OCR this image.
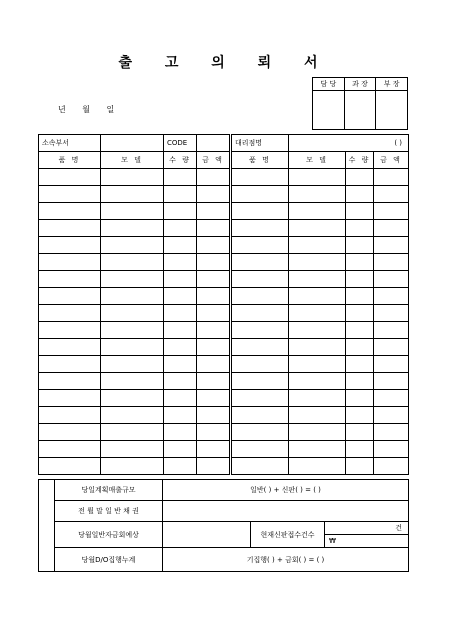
출 고 의 뢰 서
년 월 일
담 당	과 장	부 장

소속부서		CODE		대리점명	( )		
품 명	모 델	수 량	금 액	품 명	모 델	수 량	금 액

	당일계획매출규모	일반( ) + 신판( ) = ( )		
	전 륄 말 일 반 채 권			
	당월일반자금회예상		현재신판접수건수	건
				₩
	당월D/O집행누계	기집행( ) + 금회( ) = ( )		
